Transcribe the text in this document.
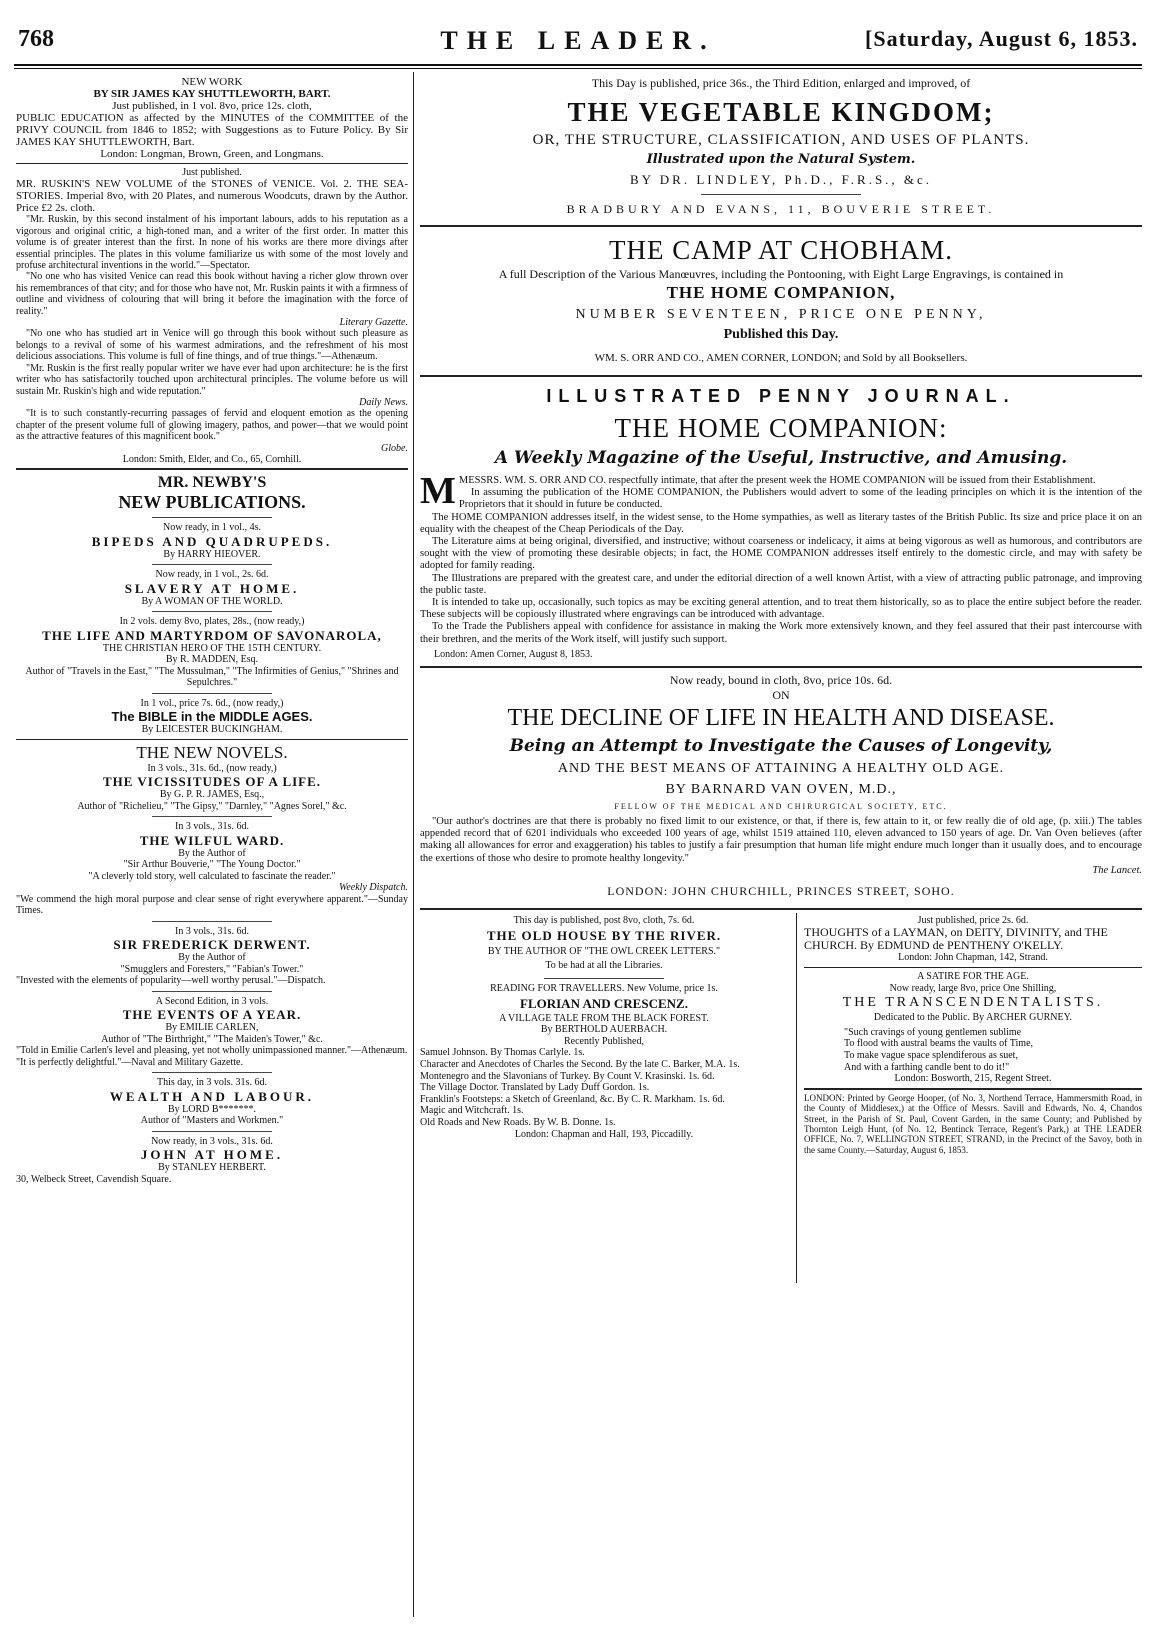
768	THE LEADER.	[Saturday, August 6, 1853.
NEW WORK
BY SIR JAMES KAY SHUTTLEWORTH, BART.
Just published, in 1 vol. 8vo, price 12s. cloth,
PUBLIC EDUCATION as affected by the MINUTES of the COMMITTEE of the PRIVY COUNCIL from 1846 to 1852; with Suggestions as to Future Policy. By Sir JAMES KAY SHUTTLEWORTH, Bart.
London: Longman, Brown, Green, and Longmans.
Just published.
MR. RUSKIN'S NEW VOLUME of the STONES of VENICE. Vol. 2. THE SEA-STORIES. Imperial 8vo, with 20 Plates, and numerous Woodcuts, drawn by the Author. Price £2 2s. cloth.

"Mr. Ruskin, by this second instalment of his important labours, adds to his reputation as a vigorous and original critic, a high-toned man, and a writer of the first order. In matter this volume is of greater interest than the first. In none of his works are there more divings after essential principles. The plates in this volume familiarize us with some of the most lovely and profuse architectural inventions in the world."—Spectator.

"No one who has visited Venice can read this book without having a richer glow thrown over his remembrances of that city; and for those who have not, Mr. Ruskin paints it with a firmness of outline and vividness of colouring that will bring it before the imagination with the force of reality."

Literary Gazette.

"No one who has studied art in Venice will go through this book without such pleasure as belongs to a revival of some of his warmest admirations, and the refreshment of his most delicious associations. This volume is full of fine things, and of true things."—Athenæum.

"Mr. Ruskin is the first really popular writer we have ever had upon architecture: he is the first writer who has satisfactorily touched upon architectural principles. The volume before us will sustain Mr. Ruskin's high and wide reputation."

Daily News.

"It is to such constantly-recurring passages of fervid and eloquent emotion as the opening chapter of the present volume full of glowing imagery, pathos, and power—that we would point as the attractive features of this magnificent book."

Globe.
London: Smith, Elder, and Co., 65, Cornhill.
MR. NEWBY'S
NEW PUBLICATIONS.
Now ready, in 1 vol., 4s.
BIPEDS AND QUADRUPEDS.
By HARRY HIEOVER.
Now ready, in 1 vol., 2s. 6d.
SLAVERY AT HOME.
By A WOMAN OF THE WORLD.
In 2 vols. demy 8vo, plates, 28s., (now ready,)
THE LIFE AND MARTYRDOM OF SAVONAROLA,
THE CHRISTIAN HERO OF THE 15TH CENTURY.
By R. MADDEN, Esq.
Author of "Travels in the East," "The Mussulman," "The Infirmities of Genius," "Shrines and Sepulchres."
In 1 vol., price 7s. 6d., (now ready,)
The BIBLE in the MIDDLE AGES.
By LEICESTER BUCKINGHAM.
THE NEW NOVELS.
In 3 vols., 31s. 6d., (now ready,)
THE VICISSITUDES OF A LIFE.
By G. P. R. JAMES, Esq.,
Author of "Richelieu," "The Gipsy," "Darnley," "Agnes Sorel," &c.
In 3 vols., 31s. 6d.
THE WILFUL WARD.
By the Author of
"Sir Arthur Bouverie," "The Young Doctor."
"A cleverly told story, well calculated to fascinate the reader."
Weekly Dispatch.
"We commend the high moral purpose and clear sense of right everywhere apparent."—Sunday Times.
In 3 vols., 31s. 6d.
SIR FREDERICK DERWENT.
By the Author of
"Smugglers and Foresters," "Fabian's Tower."
"Invested with the elements of popularity—well worthy perusal."—Dispatch.
A Second Edition, in 3 vols.
THE EVENTS OF A YEAR.
By EMILIE CARLEN,
Author of "The Birthright," "The Maiden's Tower," &c.
"Told in Emilie Carlen's level and pleasing, yet not wholly unimpassioned manner."—Athenæum.
"It is perfectly delightful."—Naval and Military Gazette.
This day, in 3 vols. 31s. 6d.
WEALTH AND LABOUR.
By LORD B*******.
Author of "Masters and Workmen."
Now ready, in 3 vols., 31s. 6d.
JOHN AT HOME.
By STANLEY HERBERT.
30, Welbeck Street, Cavendish Square.
This Day is published, price 36s., the Third Edition, enlarged and improved, of
THE VEGETABLE KINGDOM;
OR, THE STRUCTURE, CLASSIFICATION, AND USES OF PLANTS.
Illustrated upon the Natural System.
BY DR. LINDLEY, Ph.D., F.R.S., &c.
BRADBURY AND EVANS, 11, BOUVERIE STREET.
THE CAMP AT CHOBHAM.
A full Description of the Various Manœuvres, including the Pontooning, with Eight Large Engravings, is contained in
THE HOME COMPANION,
NUMBER SEVENTEEN, PRICE ONE PENNY,
Published this Day.
WM. S. ORR AND CO., AMEN CORNER, LONDON; and Sold by all Booksellers.
ILLUSTRATED PENNY JOURNAL.
THE HOME COMPANION:
A Weekly Magazine of the Useful, Instructive, and Amusing.

MMESSRS. WM. S. ORR AND CO. respectfully intimate, that after the present week the HOME COMPANION will be issued from their Establishment.

In assuming the publication of the HOME COMPANION, the Publishers would advert to some of the leading principles on which it is the intention of the Proprietors that it should in future be conducted.

The HOME COMPANION addresses itself, in the widest sense, to the Home sympathies, as well as literary tastes of the British Public. Its size and price place it on an equality with the cheapest of the Cheap Periodicals of the Day.

The Literature aims at being original, diversified, and instructive; without coarseness or indelicacy, it aims at being vigorous as well as humorous, and contributors are sought with the view of promoting these desirable objects; in fact, the HOME COMPANION addresses itself entirely to the domestic circle, and may with safety be adopted for family reading.

The Illustrations are prepared with the greatest care, and under the editorial direction of a well known Artist, with a view of attracting public patronage, and improving the public taste.

It is intended to take up, occasionally, such topics as may be exciting general attention, and to treat them historically, so as to place the entire subject before the reader. These subjects will be copiously illustrated where engravings can be introduced with advantage.

To the Trade the Publishers appeal with confidence for assistance in making the Work more extensively known, and they feel assured that their past intercourse with their brethren, and the merits of the Work itself, will justify such support.

London: Amen Corner, August 8, 1853.

Now ready, bound in cloth, 8vo, price 10s. 6d.
ON
THE DECLINE OF LIFE IN HEALTH AND DISEASE.
Being an Attempt to Investigate the Causes of Longevity,
AND THE BEST MEANS OF ATTAINING A HEALTHY OLD AGE.
BY BARNARD VAN OVEN, M.D.,
FELLOW OF THE MEDICAL AND CHIRURGICAL SOCIETY, ETC.

"Our author's doctrines are that there is probably no fixed limit to our existence, or that, if there is, few attain to it, or few really die of old age, (p. xiii.) The tables appended record that of 6201 individuals who exceeded 100 years of age, whilst 1519 attained 110, eleven advanced to 150 years of age. Dr. Van Oven believes (after making all allowances for error and exaggeration) his tables to justify a fair presumption that human life might endure much longer than it usually does, and to encourage the exertions of those who desire to promote healthy longevity."

The Lancet.
LONDON: JOHN CHURCHILL, PRINCES STREET, SOHO.
This day is published, post 8vo, cloth, 7s. 6d.
THE OLD HOUSE BY THE RIVER.
BY THE AUTHOR OF "THE OWL CREEK LETTERS."
To be had at all the Libraries.
READING FOR TRAVELLERS. New Volume, price 1s.
FLORIAN AND CRESCENZ.
A VILLAGE TALE FROM THE BLACK FOREST.
By BERTHOLD AUERBACH.
Recently Published,
Samuel Johnson. By Thomas Carlyle. 1s.
Character and Anecdotes of Charles the Second. By the late C. Barker, M.A. 1s.
Montenegro and the Slavonians of Turkey. By Count V. Krasinski. 1s. 6d.
The Village Doctor. Translated by Lady Duff Gordon. 1s.
Franklin's Footsteps: a Sketch of Greenland, &c. By C. R. Markham. 1s. 6d.
Magic and Witchcraft. 1s.
Old Roads and New Roads. By W. B. Donne. 1s.
London: Chapman and Hall, 193, Piccadilly.
Just published, price 2s. 6d.
THOUGHTS of a LAYMAN, on DEITY, DIVINITY, and THE CHURCH. By EDMUND de PENTHENY O'KELLY.
London: John Chapman, 142, Strand.
A SATIRE FOR THE AGE.
Now ready, large 8vo, price One Shilling,
THE TRANSCENDENTALISTS.
Dedicated to the Public. By ARCHER GURNEY.
"Such cravings of young gentlemen sublime
To flood with austral beams the vaults of Time,
To make vague space splendiferous as suet,
And with a farthing candle bent to do it!"
London: Bosworth, 215, Regent Street.

LONDON: Printed by George Hooper, (of No. 3, Northend Terrace, Hammersmith Road, in the County of Middlesex,) at the Office of Messrs. Savill and Edwards, No. 4, Chandos Street, in the Parish of St. Paul, Covent Garden, in the same County; and Published by Thornton Leigh Hunt, (of No. 12, Bentinck Terrace, Regent's Park,) at THE LEADER OFFICE, No. 7, WELLINGTON STREET, STRAND, in the Precinct of the Savoy, both in the same County.—Saturday, August 6, 1853.
